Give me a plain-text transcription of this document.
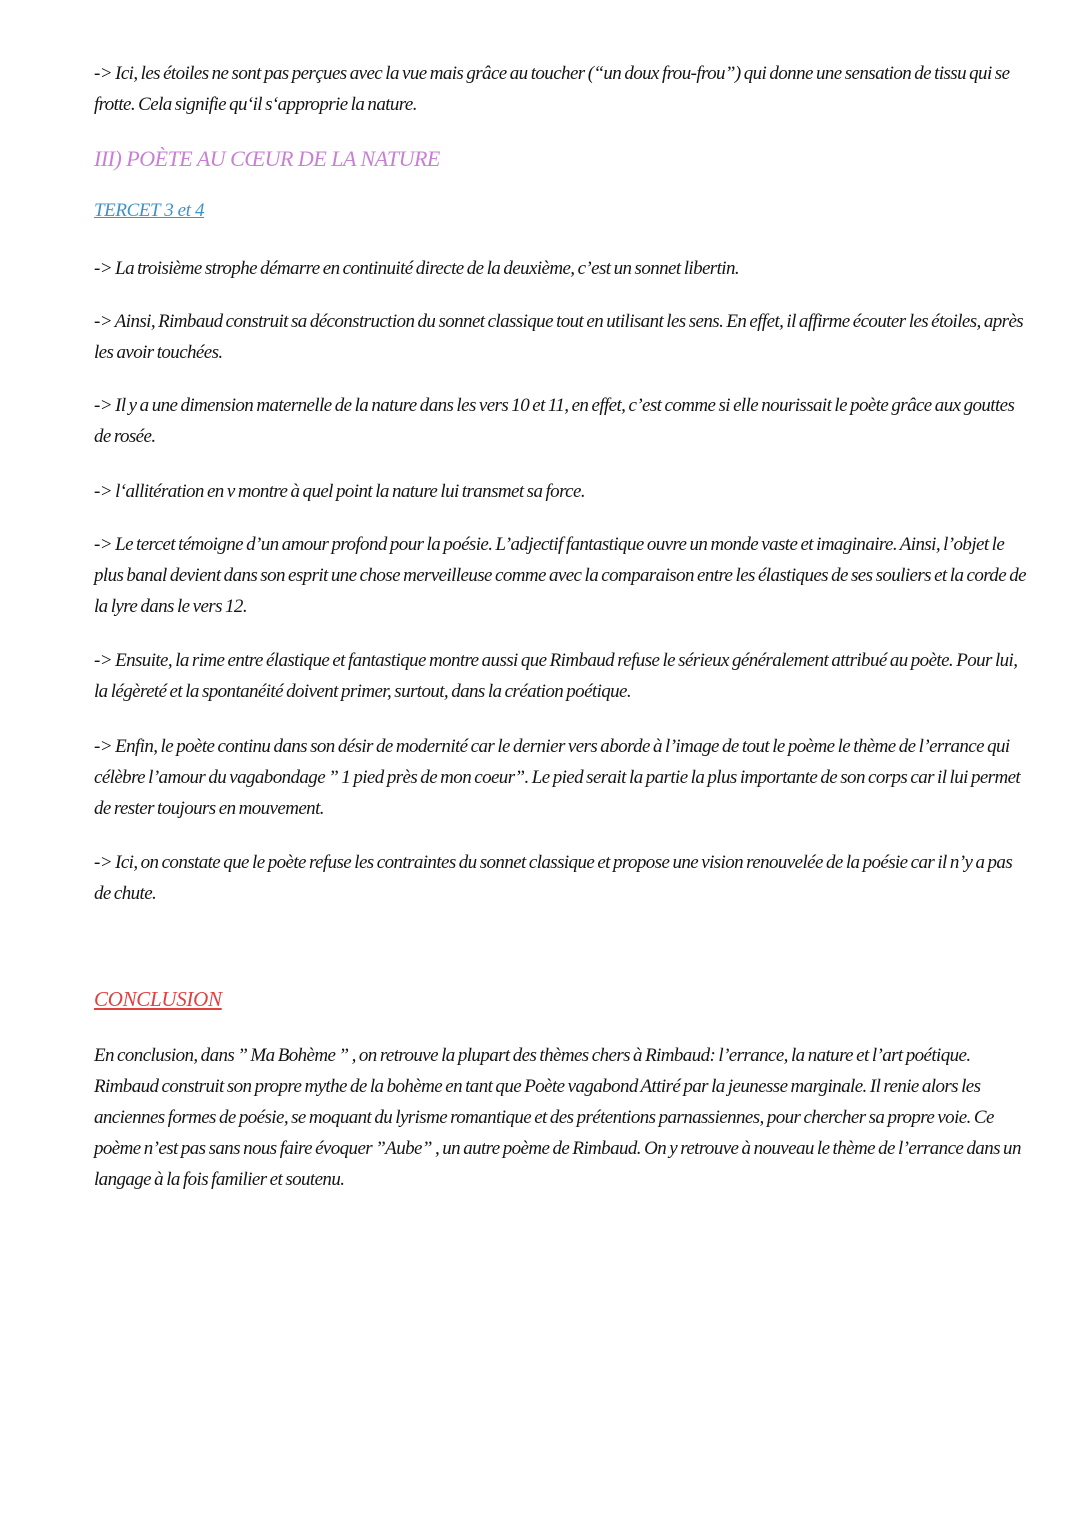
-> Ici, les étoiles ne sont pas perçues avec la vue mais grâce au toucher (“un doux frou-frou”) qui donne une sensation de tissu qui se frotte. Cela signifie qu‘il s‘approprie la nature.

III) POÈTE AU CŒUR DE LA NATURE
TERCET 3 et 4

-> La troisième strophe démarre en continuité directe de la deuxième, c’est un sonnet libertin.

-> Ainsi, Rimbaud construit sa déconstruction du sonnet classique tout en utilisant les sens. En effet, il affirme écouter les étoiles, après les avoir touchées.

-> Il y a une dimension maternelle de la nature dans les vers 10 et 11, en effet, c’est comme si elle nourissait le poète grâce aux gouttes de rosée.

-> l‘allitération en v montre à quel point la nature lui transmet sa force.

-> Le tercet témoigne d’un amour profond pour la poésie. L’adjectif fantastique ouvre un monde vaste et imaginaire. Ainsi, l’objet le plus banal devient dans son esprit une chose merveilleuse comme avec la comparaison entre les élastiques de ses souliers et la corde de la lyre dans le vers 12.

-> Ensuite, la rime entre élastique et fantastique montre aussi que Rimbaud refuse le sérieux généralement attribué au poète. Pour lui, la légèreté et la spontanéité doivent primer, surtout, dans la création poétique.

-> Enfin, le poète continu dans son désir de modernité car le dernier vers aborde à l’image de tout le poème le thème de l’errance qui célèbre l’amour du vagabondage ” 1 pied près de mon coeur”. Le pied serait la partie la plus importante de son corps car il lui permet de rester toujours en mouvement.

-> Ici, on constate que le poète refuse les contraintes du sonnet classique et propose une vision renouvelée de la poésie car il n’y a pas de chute.

CONCLUSION

En conclusion, dans ” Ma Bohème ” , on retrouve la plupart des thèmes chers à Rimbaud: l’errance, la nature et l’art poétique. Rimbaud construit son propre mythe de la bohème en tant que Poète vagabond Attiré par la jeunesse marginale. Il renie alors les anciennes formes de poésie, se moquant du lyrisme romantique et des prétentions parnassiennes, pour chercher sa propre voie. Ce poème n’est pas sans nous faire évoquer ”Aube” , un autre poème de Rimbaud. On y retrouve à nouveau le thème de l’errance dans un langage à la fois familier et soutenu.
